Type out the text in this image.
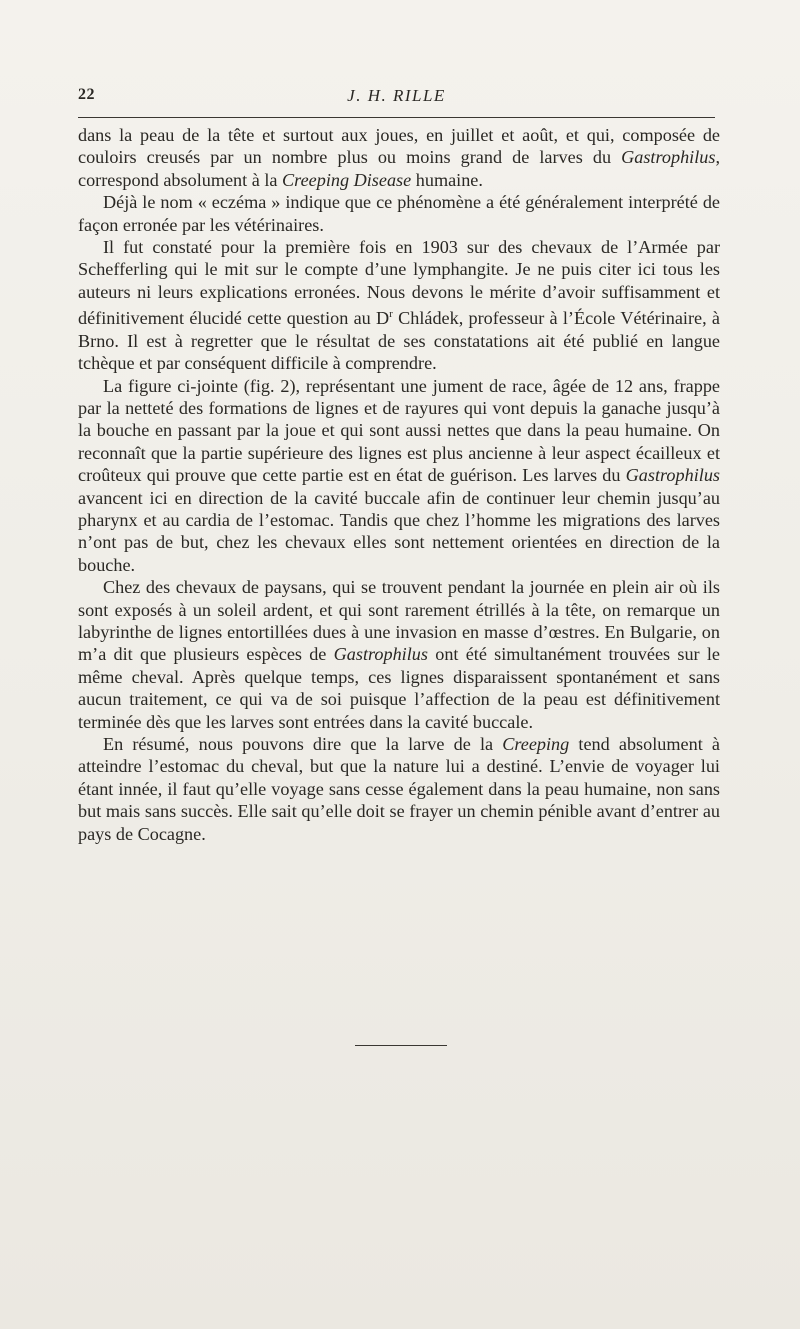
22	J. H. RILLE

dans la peau de la tête et surtout aux joues, en juillet et août, et qui, composée de couloirs creusés par un nombre plus ou moins grand de larves du Gastrophilus, correspond absolument à la Creeping Disease humaine.

Déjà le nom « eczéma » indique que ce phénomène a été généralement interprété de façon erronée par les vétérinaires.

Il fut constaté pour la première fois en 1903 sur des chevaux de l’Armée par Schefferling qui le mit sur le compte d’une lymphangite. Je ne puis citer ici tous les auteurs ni leurs explications erronées. Nous devons le mérite d’avoir suffisamment et définitivement élucidé cette question au $D^r$ Chládek, professeur à l’École Vétérinaire, à Brno. Il est à regretter que le résultat de ses constatations ait été publié en langue tchèque et par conséquent difficile à comprendre.

La figure ci-jointe (fig. 2), représentant une jument de race, âgée de 12 ans, frappe par la netteté des formations de lignes et de rayures qui vont depuis la ganache jusqu’à la bouche en passant par la joue et qui sont aussi nettes que dans la peau humaine. On reconnaît que la partie supérieure des lignes est plus ancienne à leur aspect écailleux et croûteux qui prouve que cette partie est en état de guérison. Les larves du Gastrophilus avancent ici en direction de la cavité buccale afin de continuer leur chemin jusqu’au pharynx et au cardia de l’estomac. Tandis que chez l’homme les migrations des larves n’ont pas de but, chez les chevaux elles sont nettement orientées en direction de la bouche.

Chez des chevaux de paysans, qui se trouvent pendant la journée en plein air où ils sont exposés à un soleil ardent, et qui sont rarement étrillés à la tête, on remarque un labyrinthe de lignes entortillées dues à une invasion en masse d’œstres. En Bulgarie, on m’a dit que plusieurs espèces de Gastrophilus ont été simultanément trouvées sur le même cheval. Après quelque temps, ces lignes disparaissent spontanément et sans aucun traitement, ce qui va de soi puisque l’affection de la peau est définitivement terminée dès que les larves sont entrées dans la cavité buccale.

En résumé, nous pouvons dire que la larve de la Creeping tend absolument à atteindre l’estomac du cheval, but que la nature lui a destiné. L’envie de voyager lui étant innée, il faut qu’elle voyage sans cesse également dans la peau humaine, non sans but mais sans succès. Elle sait qu’elle doit se frayer un chemin pénible avant d’entrer au pays de Cocagne.
